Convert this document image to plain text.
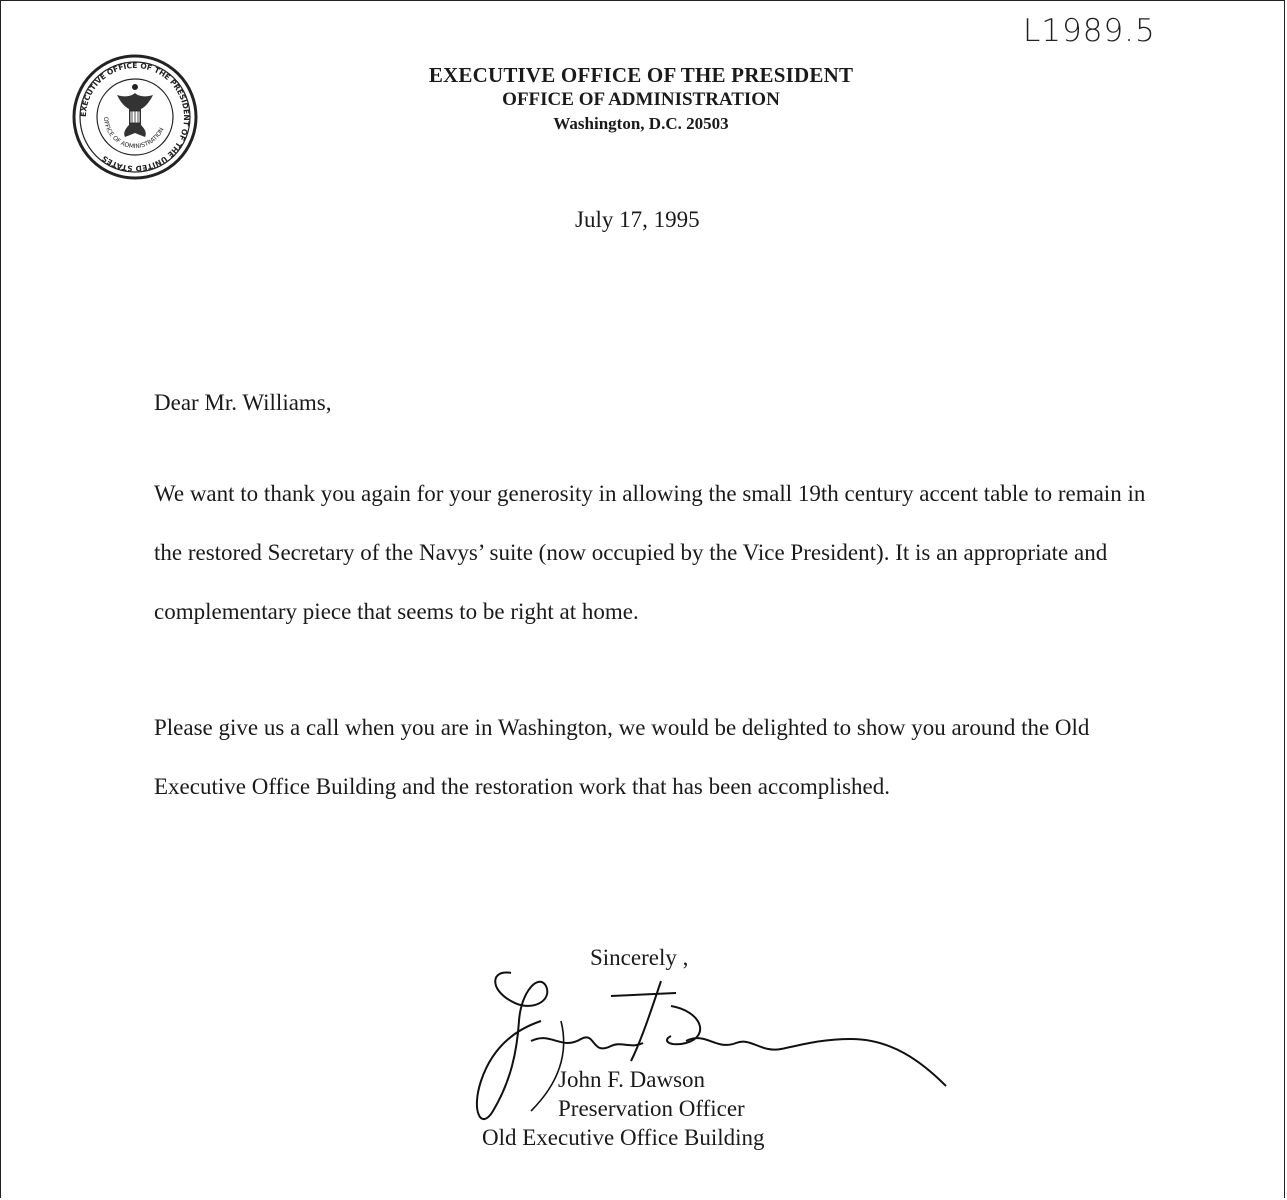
EXECUTIVE OFFICE OF THE PRESIDENT OF THE UNITED STATES
OFFICE OF ADMINISTRATION
L1989.5
EXECUTIVE OFFICE OF THE PRESIDENT
OFFICE OF ADMINISTRATION
Washington, D.C. 20503
July 17, 1995
Dear Mr. Williams,

We want to thank you again for your generosity in allowing the small 19th century accent table to remain in the restored Secretary of the Navys’ suite (now occupied by the Vice President). It is an appropriate and complementary piece that seems to be right at home.

Please give us a call when you are in Washington, we would be delighted to show you around the Old Executive Office Building and the restoration work that has been accomplished.

Sincerely ,
John F. Dawson
Preservation Officer
Old Executive Office Building
